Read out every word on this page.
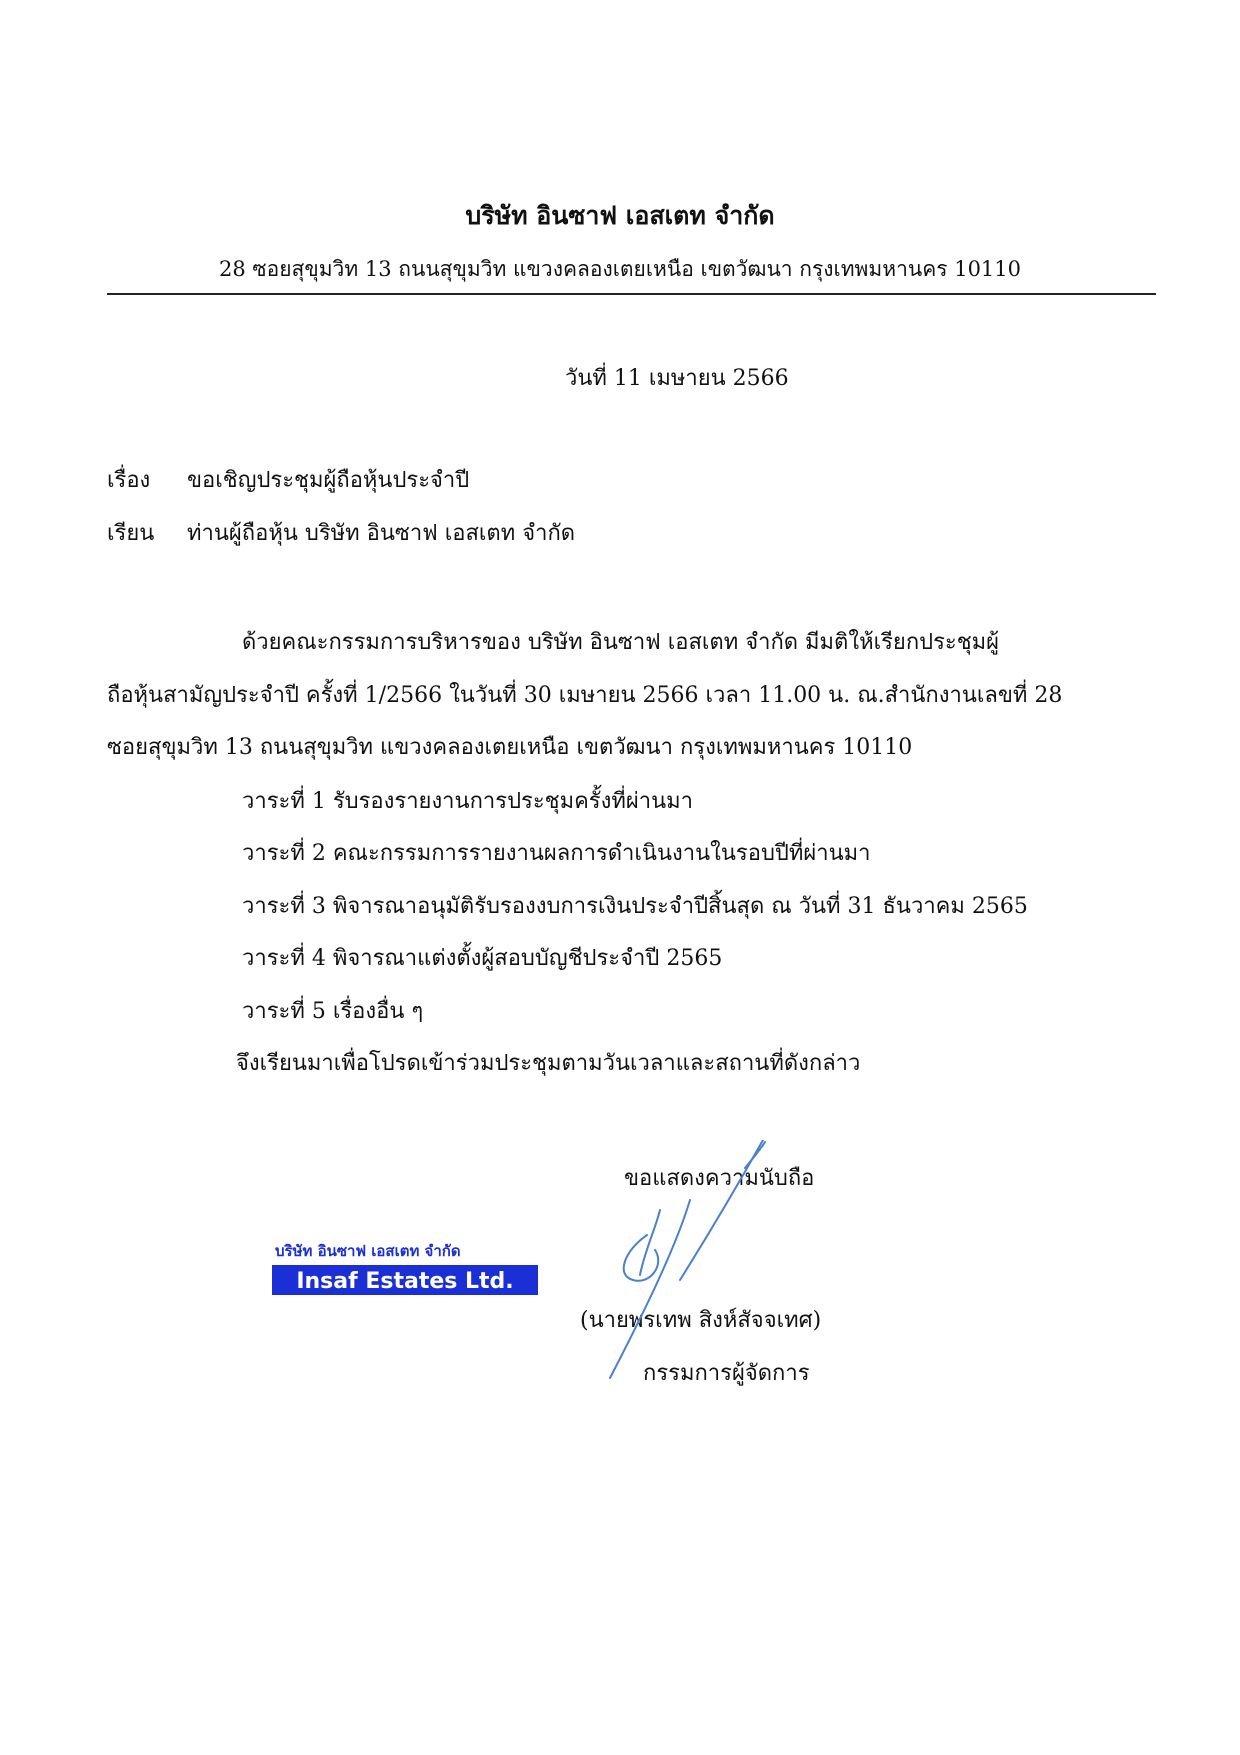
บริษัท อินซาฟ เอสเตท จำกัด
28 ซอยสุขุมวิท 13 ถนนสุขุมวิท แขวงคลองเตยเหนือ เขตวัฒนา กรุงเทพมหานคร 10110
วันที่ 11 เมษายน 2566
เรื่อง ขอเชิญประชุมผู้ถือหุ้นประจำปี
เรียน ท่านผู้ถือหุ้น บริษัท อินซาฟ เอสเตท จำกัด
ด้วยคณะกรรมการบริหารของ บริษัท อินซาฟ เอสเตท จำกัด มีมติให้เรียกประชุมผู้
ถือหุ้นสามัญประจำปี ครั้งที่ 1/2566 ในวันที่ 30 เมษายน 2566 เวลา 11.00 น. ณ.สำนักงานเลขที่ 28
ซอยสุขุมวิท 13 ถนนสุขุมวิท แขวงคลองเตยเหนือ เขตวัฒนา กรุงเทพมหานคร 10110
วาระที่ 1 รับรองรายงานการประชุมครั้งที่ผ่านมา
วาระที่ 2 คณะกรรมการรายงานผลการดำเนินงานในรอบปีที่ผ่านมา
วาระที่ 3 พิจารณาอนุมัติรับรองงบการเงินประจำปีสิ้นสุด ณ วันที่ 31 ธันวาคม 2565
วาระที่ 4 พิจารณาแต่งตั้งผู้สอบบัญชีประจำปี 2565
วาระที่ 5 เรื่องอื่น ๆ
จึงเรียนมาเพื่อโปรดเข้าร่วมประชุมตามวันเวลาและสถานที่ดังกล่าว
ขอแสดงความนับถือ
บริษัท อินซาฟ เอสเตท จำกัด
Insaf Estates Ltd.
(นายพรเทพ สิงห์สัจจเทศ)
กรรมการผู้จัดการ
